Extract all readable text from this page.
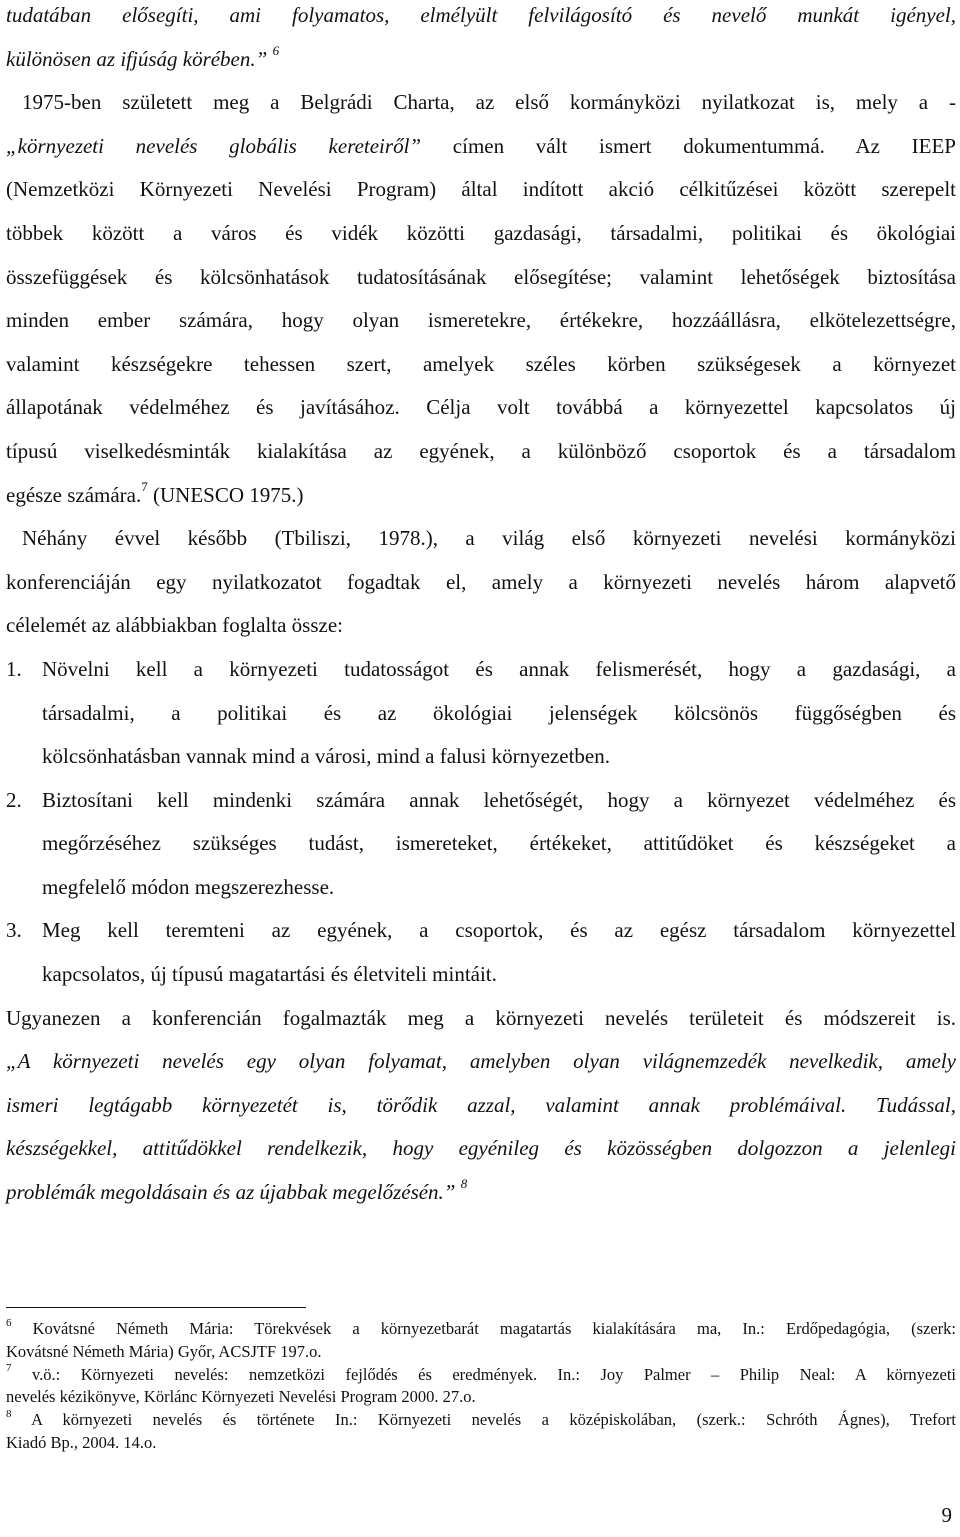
tudatában elősegíti, ami folyamatos, elmélyült felvilágosító és nevelő munkát igényel,
különösen az ifjúság körében.” $^6$
1975-ben született meg a Belgrádi Charta, az első kormányközi nyilatkozat is, mely a -
„környezeti nevelés globális kereteiről” címen vált ismert dokumentummá. Az IEEP
(Nemzetközi Környezeti Nevelési Program) által indított akció célkitűzései között szerepelt
többek között a város és vidék közötti gazdasági, társadalmi, politikai és ökológiai
összefüggések és kölcsönhatások tudatosításának elősegítése; valamint lehetőségek biztosítása
minden ember számára, hogy olyan ismeretekre, értékekre, hozzáállásra, elkötelezettségre,
valamint készségekre tehessen szert, amelyek széles körben szükségesek a környezet
állapotának védelméhez és javításához. Célja volt továbbá a környezettel kapcsolatos új
típusú viselkedésminták kialakítása az egyének, a különböző csoportok és a társadalom
egésze számára.$^7$ (UNESCO 1975.)
Néhány évvel később (Tbiliszi, 1978.), a világ első környezeti nevelési kormányközi
konferenciáján egy nyilatkozatot fogadtak el, amely a környezeti nevelés három alapvető
célelemét az alábbiakban foglalta össze:
1. Növelni kell a környezeti tudatosságot és annak felismerését, hogy a gazdasági, a
társadalmi, a politikai és az ökológiai jelenségek kölcsönös függőségben és
kölcsönhatásban vannak mind a városi, mind a falusi környezetben.
2. Biztosítani kell mindenki számára annak lehetőségét, hogy a környezet védelméhez és
megőrzéséhez szükséges tudást, ismereteket, értékeket, attitűdöket és készségeket a
megfelelő módon megszerezhesse.
3. Meg kell teremteni az egyének, a csoportok, és az egész társadalom környezettel
kapcsolatos, új típusú magatartási és életviteli mintáit.
Ugyanezen a konferencián fogalmazták meg a környezeti nevelés területeit és módszereit is.
„A környezeti nevelés egy olyan folyamat, amelyben olyan világnemzedék nevelkedik, amely
ismeri legtágabb környezetét is, törődik azzal, valamint annak problémáival. Tudással,
készségekkel, attitűdökkel rendelkezik, hogy egyénileg és közösségben dolgozzon a jelenlegi
problémák megoldásain és az újabbak megelőzésén.” $^8$
$^6$ Kovátsné Németh Mária: Törekvések a környezetbarát magatartás kialakítására ma, In.: Erdőpedagógia, (szerk:
Kovátsné Németh Mária) Győr, ACSJTF 197.o.
$^7$ v.ö.: Környezeti nevelés: nemzetközi fejlődés és eredmények. In.: Joy Palmer – Philip Neal: A környezeti
nevelés kézikönyve, Körlánc Környezeti Nevelési Program 2000. 27.o.
$^8$ A környezeti nevelés és története In.: Környezeti nevelés a középiskolában, (szerk.: Schróth Ágnes), Trefort
Kiadó Bp., 2004. 14.o.
9
